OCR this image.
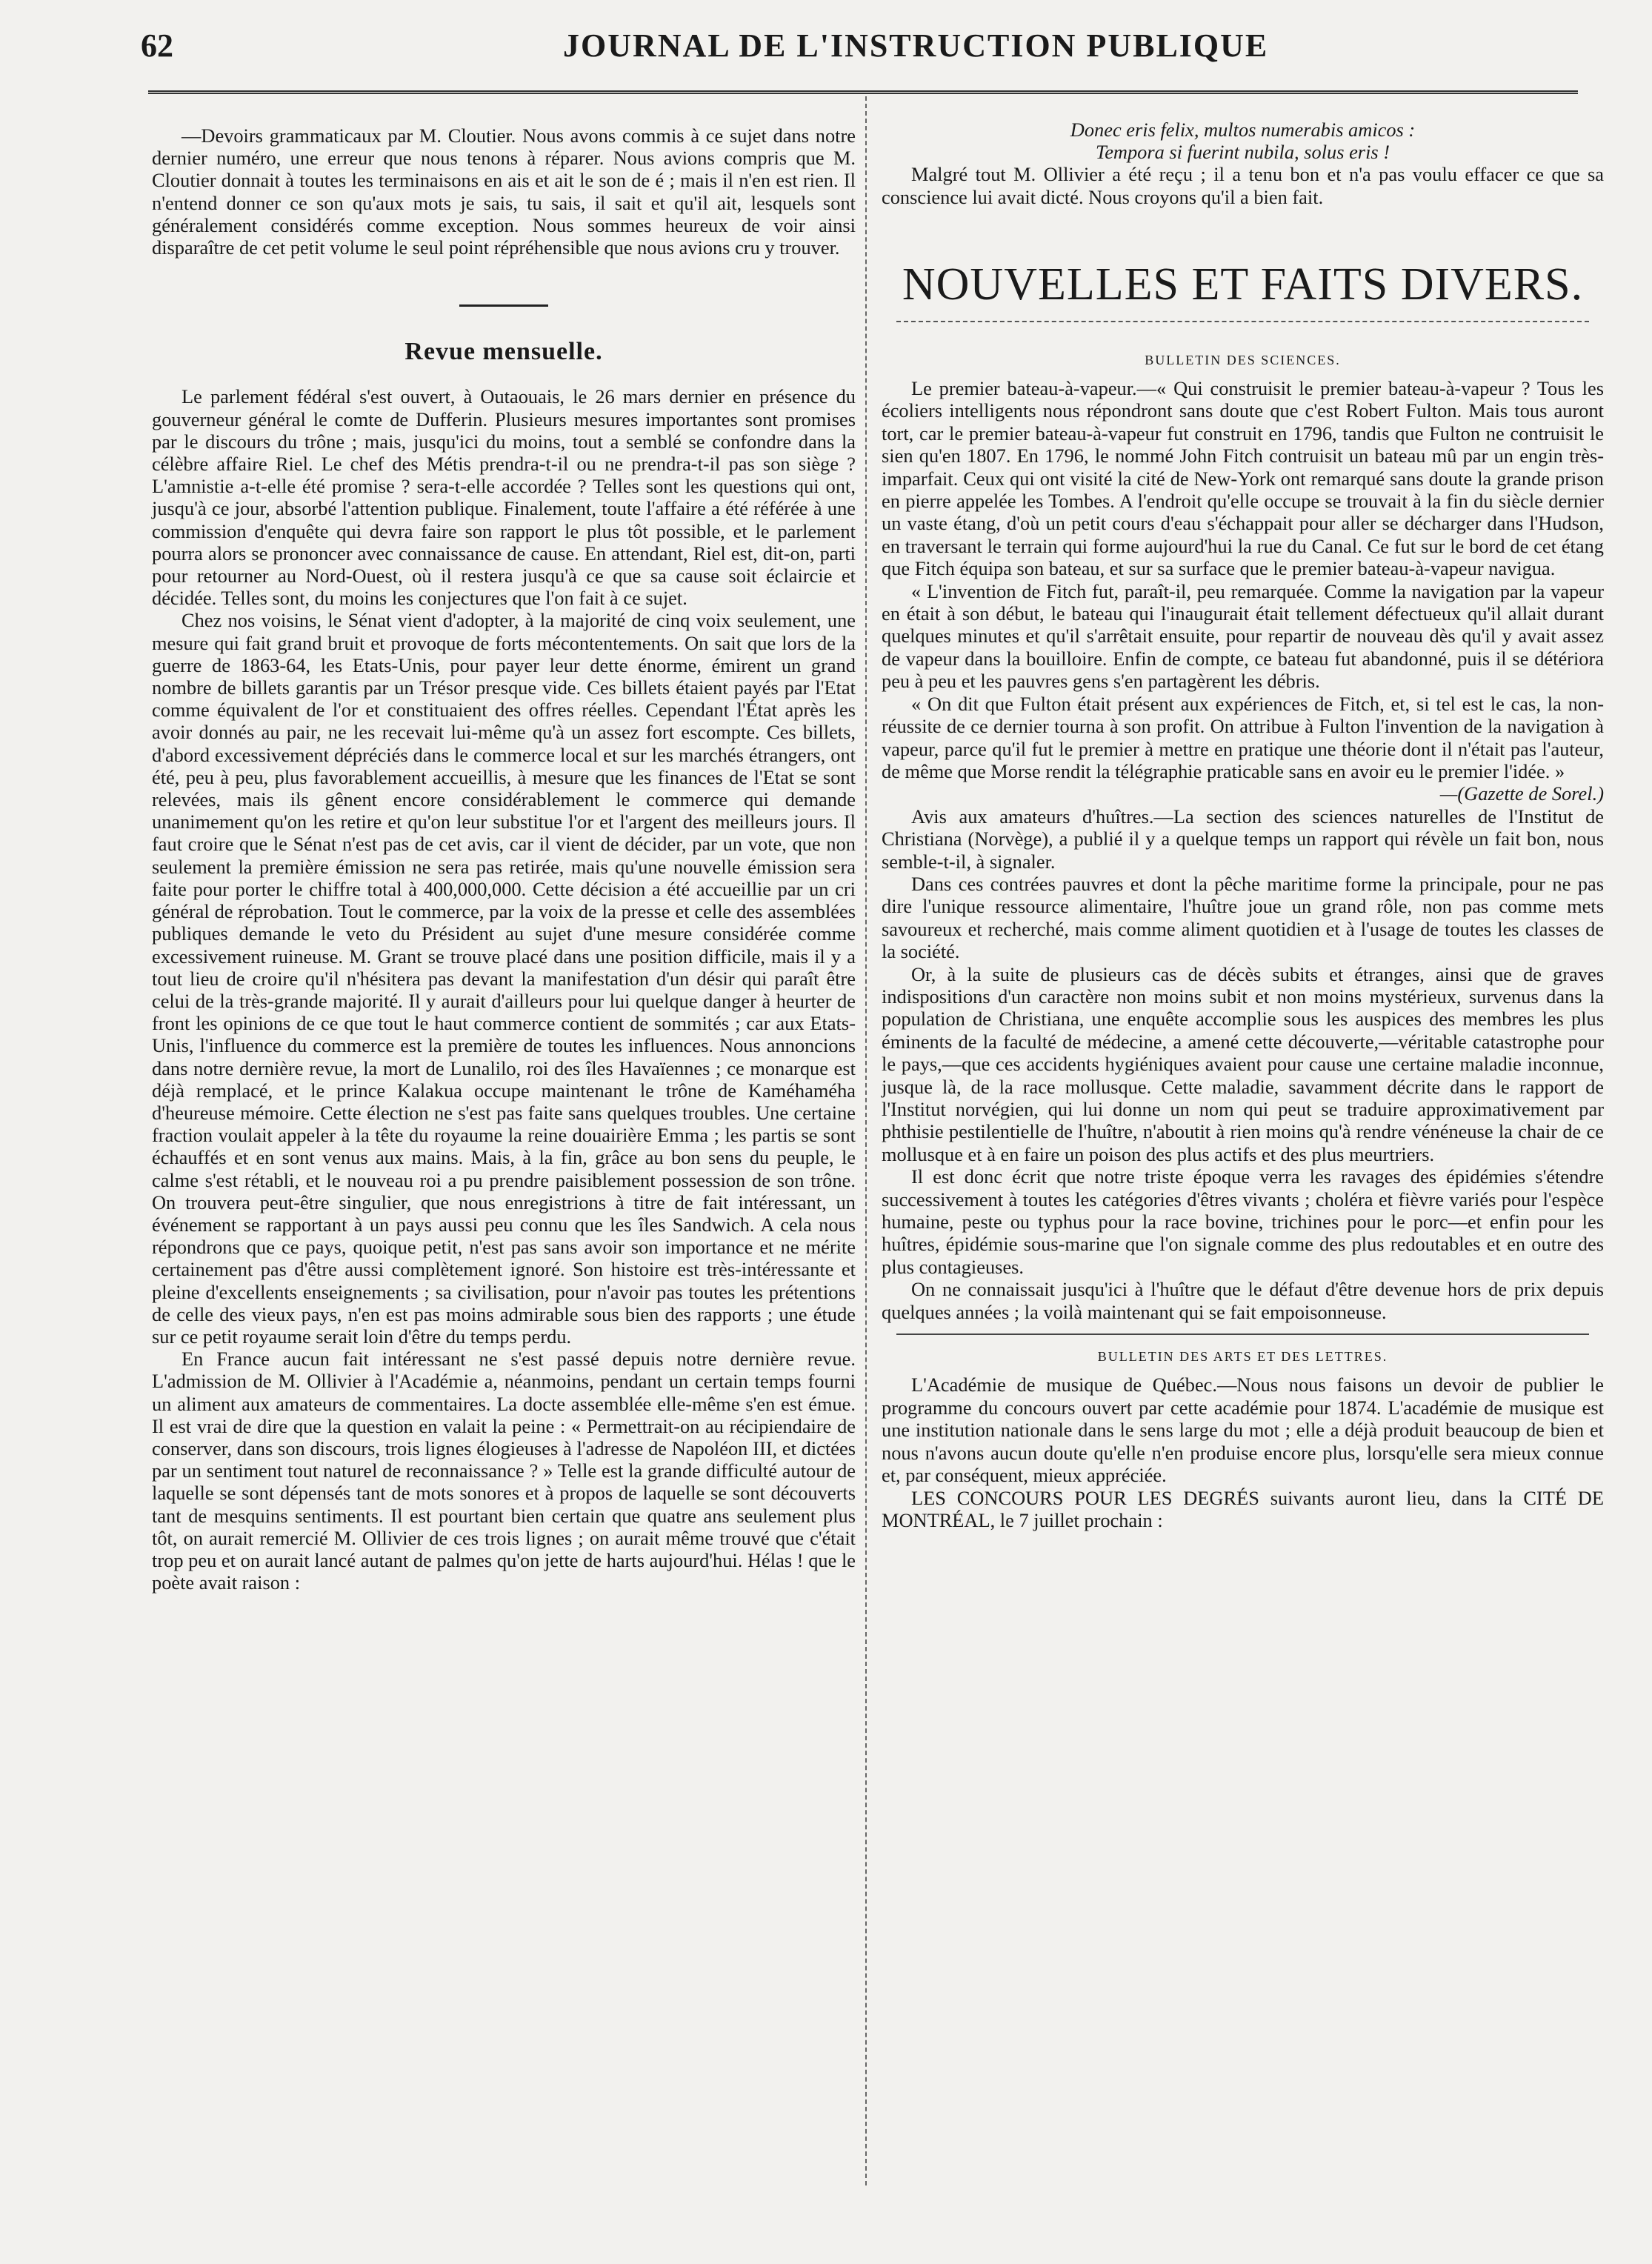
62	JOURNAL DE L'INSTRUCTION PUBLIQUE

—Devoirs grammaticaux par M. Cloutier. Nous avons commis à ce sujet dans notre dernier numéro, une erreur que nous tenons à réparer. Nous avions compris que M. Cloutier donnait à toutes les terminaisons en ais et ait le son de é ; mais il n'en est rien. Il n'entend donner ce son qu'aux mots je sais, tu sais, il sait et qu'il ait, lesquels sont généralement considérés comme exception. Nous sommes heureux de voir ainsi disparaître de cet petit volume le seul point répréhensible que nous avions cru y trouver.

Revue mensuelle.

Le parlement fédéral s'est ouvert, à Outaouais, le 26 mars dernier en présence du gouverneur général le comte de Dufferin. Plusieurs mesures importantes sont promises par le discours du trône ; mais, jusqu'ici du moins, tout a semblé se confondre dans la célèbre affaire Riel. Le chef des Métis prendra-t-il ou ne prendra-t-il pas son siège ? L'amnistie a-t-elle été promise ? sera-t-elle accordée ? Telles sont les questions qui ont, jusqu'à ce jour, absorbé l'attention publique. Finalement, toute l'affaire a été référée à une commission d'enquête qui devra faire son rapport le plus tôt possible, et le parlement pourra alors se prononcer avec connaissance de cause. En attendant, Riel est, dit-on, parti pour retourner au Nord-Ouest, où il restera jusqu'à ce que sa cause soit éclaircie et décidée. Telles sont, du moins les conjectures que l'on fait à ce sujet.

Chez nos voisins, le Sénat vient d'adopter, à la majorité de cinq voix seulement, une mesure qui fait grand bruit et provoque de forts mécontentements. On sait que lors de la guerre de 1863-64, les Etats-Unis, pour payer leur dette énorme, émirent un grand nombre de billets garantis par un Trésor presque vide. Ces billets étaient payés par l'Etat comme équivalent de l'or et constituaient des offres réelles. Cependant l'État après les avoir donnés au pair, ne les recevait lui-même qu'à un assez fort escompte. Ces billets, d'abord excessivement dépréciés dans le commerce local et sur les marchés étrangers, ont été, peu à peu, plus favorablement accueillis, à mesure que les finances de l'Etat se sont relevées, mais ils gênent encore considérablement le commerce qui demande unanimement qu'on les retire et qu'on leur substitue l'or et l'argent des meilleurs jours. Il faut croire que le Sénat n'est pas de cet avis, car il vient de décider, par un vote, que non seulement la première émission ne sera pas retirée, mais qu'une nouvelle émission sera faite pour porter le chiffre total à 400,000,000. Cette décision a été accueillie par un cri général de réprobation. Tout le commerce, par la voix de la presse et celle des assemblées publiques demande le veto du Président au sujet d'une mesure considérée comme excessivement ruineuse. M. Grant se trouve placé dans une position difficile, mais il y a tout lieu de croire qu'il n'hésitera pas devant la manifestation d'un désir qui paraît être celui de la très-grande majorité. Il y aurait d'ailleurs pour lui quelque danger à heurter de front les opinions de ce que tout le haut commerce contient de sommités ; car aux Etats-Unis, l'influence du commerce est la première de toutes les influences. Nous annoncions dans notre dernière revue, la mort de Lunalilo, roi des îles Havaïennes ; ce monarque est déjà remplacé, et le prince Kalakua occupe maintenant le trône de Kaméhaméha d'heureuse mémoire. Cette élection ne s'est pas faite sans quelques troubles. Une certaine fraction voulait appeler à la tête du royaume la reine douairière Emma ; les partis se sont échauffés et en sont venus aux mains. Mais, à la fin, grâce au bon sens du peuple, le calme s'est rétabli, et le nouveau roi a pu prendre paisiblement possession de son trône. On trouvera peut-être singulier, que nous enregistrions à titre de fait intéressant, un événement se rapportant à un pays aussi peu connu que les îles Sandwich. A cela nous répondrons que ce pays, quoique petit, n'est pas sans avoir son importance et ne mérite certainement pas d'être aussi complètement ignoré. Son histoire est très-intéressante et pleine d'excellents enseignements ; sa civilisation, pour n'avoir pas toutes les prétentions de celle des vieux pays, n'en est pas moins admirable sous bien des rapports ; une étude sur ce petit royaume serait loin d'être du temps perdu.

En France aucun fait intéressant ne s'est passé depuis notre dernière revue. L'admission de M. Ollivier à l'Académie a, néanmoins, pendant un certain temps fourni un aliment aux amateurs de commentaires. La docte assemblée elle-même s'en est émue. Il est vrai de dire que la question en valait la peine : « Permettrait-on au récipiendaire de conserver, dans son discours, trois lignes élogieuses à l'adresse de Napoléon III, et dictées par un sentiment tout naturel de reconnaissance ? » Telle est la grande difficulté autour de laquelle se sont dépensés tant de mots sonores et à propos de laquelle se sont découverts tant de mesquins sentiments. Il est pourtant bien certain que quatre ans seulement plus tôt, on aurait remercié M. Ollivier de ces trois lignes ; on aurait même trouvé que c'était trop peu et on aurait lancé autant de palmes qu'on jette de harts aujourd'hui. Hélas ! que le poète avait raison :

Donec eris felix, multos numerabis amicos :

Tempora si fuerint nubila, solus eris !

Malgré tout M. Ollivier a été reçu ; il a tenu bon et n'a pas voulu effacer ce que sa conscience lui avait dicté. Nous croyons qu'il a bien fait.

NOUVELLES ET FAITS DIVERS.
BULLETIN DES SCIENCES.

Le premier bateau-à-vapeur.—« Qui construisit le premier bateau-à-vapeur ? Tous les écoliers intelligents nous répondront sans doute que c'est Robert Fulton. Mais tous auront tort, car le premier bateau-à-vapeur fut construit en 1796, tandis que Fulton ne contruisit le sien qu'en 1807. En 1796, le nommé John Fitch contruisit un bateau mû par un engin très-imparfait. Ceux qui ont visité la cité de New-York ont remarqué sans doute la grande prison en pierre appelée les Tombes. A l'endroit qu'elle occupe se trouvait à la fin du siècle dernier un vaste étang, d'où un petit cours d'eau s'échappait pour aller se décharger dans l'Hudson, en traversant le terrain qui forme aujourd'hui la rue du Canal. Ce fut sur le bord de cet étang que Fitch équipa son bateau, et sur sa surface que le premier bateau-à-vapeur navigua.

« L'invention de Fitch fut, paraît-il, peu remarquée. Comme la navigation par la vapeur en était à son début, le bateau qui l'inaugurait était tellement défectueux qu'il allait durant quelques minutes et qu'il s'arrêtait ensuite, pour repartir de nouveau dès qu'il y avait assez de vapeur dans la bouilloire. Enfin de compte, ce bateau fut abandonné, puis il se détériora peu à peu et les pauvres gens s'en partagèrent les débris.

« On dit que Fulton était présent aux expériences de Fitch, et, si tel est le cas, la non-réussite de ce dernier tourna à son profit. On attribue à Fulton l'invention de la navigation à vapeur, parce qu'il fut le premier à mettre en pratique une théorie dont il n'était pas l'auteur, de même que Morse rendit la télégraphie praticable sans en avoir eu le premier l'idée. »

—(Gazette de Sorel.)

Avis aux amateurs d'huîtres.—La section des sciences naturelles de l'Institut de Christiana (Norvège), a publié il y a quelque temps un rapport qui révèle un fait bon, nous semble-t-il, à signaler.

Dans ces contrées pauvres et dont la pêche maritime forme la principale, pour ne pas dire l'unique ressource alimentaire, l'huître joue un grand rôle, non pas comme mets savoureux et recherché, mais comme aliment quotidien et à l'usage de toutes les classes de la société.

Or, à la suite de plusieurs cas de décès subits et étranges, ainsi que de graves indispositions d'un caractère non moins subit et non moins mystérieux, survenus dans la population de Christiana, une enquête accomplie sous les auspices des membres les plus éminents de la faculté de médecine, a amené cette découverte,—véritable catastrophe pour le pays,—que ces accidents hygiéniques avaient pour cause une certaine maladie inconnue, jusque là, de la race mollusque. Cette maladie, savamment décrite dans le rapport de l'Institut norvégien, qui lui donne un nom qui peut se traduire approximativement par phthisie pestilentielle de l'huître, n'aboutit à rien moins qu'à rendre vénéneuse la chair de ce mollusque et à en faire un poison des plus actifs et des plus meurtriers.

Il est donc écrit que notre triste époque verra les ravages des épidémies s'étendre successivement à toutes les catégories d'êtres vivants ; choléra et fièvre variés pour l'espèce humaine, peste ou typhus pour la race bovine, trichines pour le porc—et enfin pour les huîtres, épidémie sous-marine que l'on signale comme des plus redoutables et en outre des plus contagieuses.

On ne connaissait jusqu'ici à l'huître que le défaut d'être devenue hors de prix depuis quelques années ; la voilà maintenant qui se fait empoisonneuse.

BULLETIN DES ARTS ET DES LETTRES.

L'Académie de musique de Québec.—Nous nous faisons un devoir de publier le programme du concours ouvert par cette académie pour 1874. L'académie de musique est une institution nationale dans le sens large du mot ; elle a déjà produit beaucoup de bien et nous n'avons aucun doute qu'elle n'en produise encore plus, lorsqu'elle sera mieux connue et, par conséquent, mieux appréciée.

LES CONCOURS POUR LES DEGRÉS suivants auront lieu, dans la CITÉ DE MONTRÉAL, le 7 juillet prochain :
